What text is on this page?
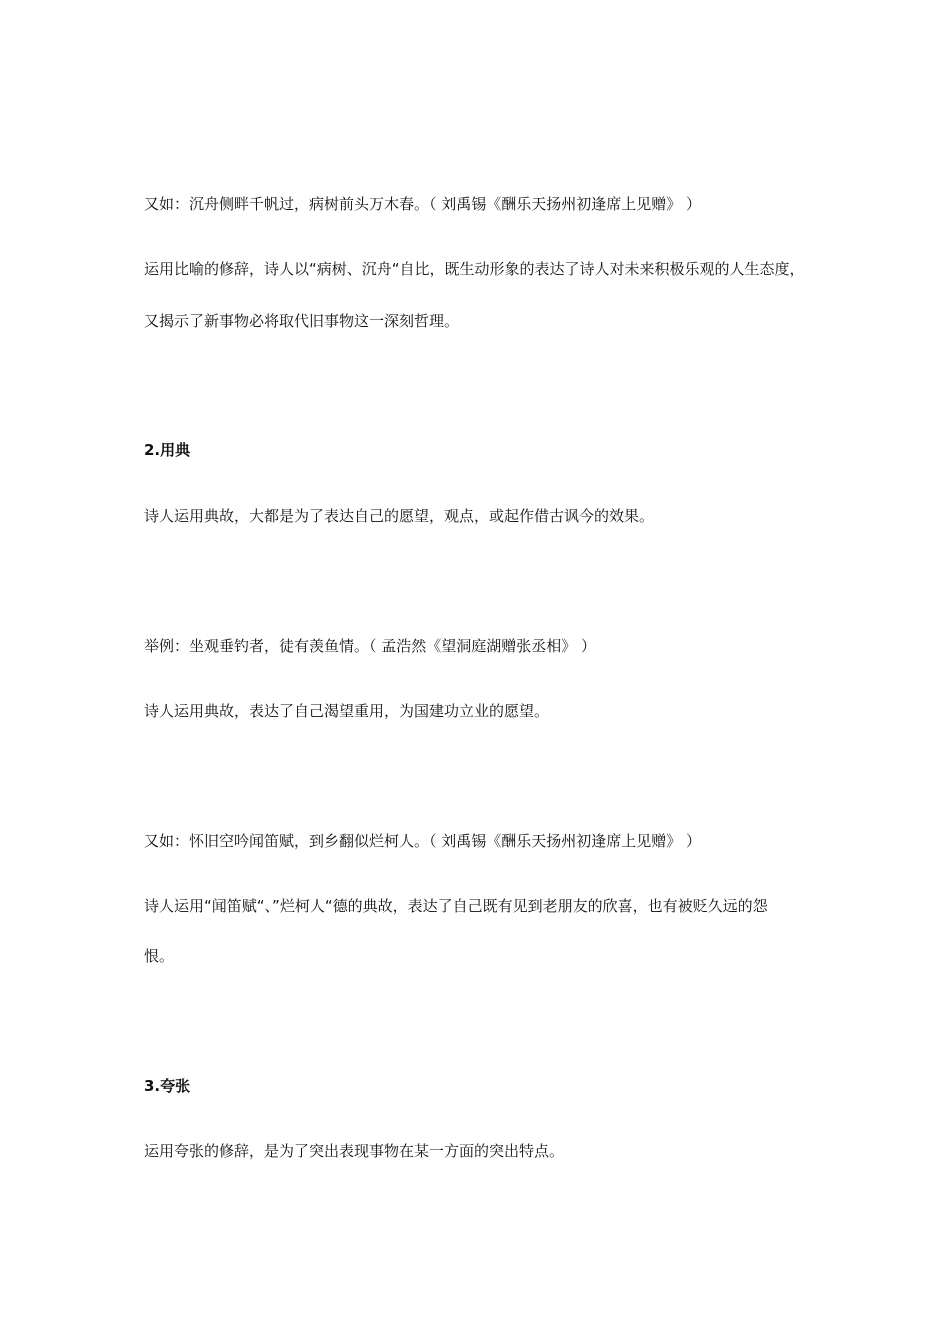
又如：沉舟侧畔千帆过，病树前头万木春。（ 刘禹锡《酬乐天扬州初逢席上见赠》 ）
运用比喻的修辞，诗人以“病树、沉舟“自比，既生动形象的表达了诗人对未来积极乐观的人生态度，
又揭示了新事物必将取代旧事物这一深刻哲理。
2.用典
诗人运用典故，大都是为了表达自己的愿望，观点，或起作借古讽今的效果。
举例：坐观垂钓者，徒有羡鱼情。（ 孟浩然《望洞庭湖赠张丞相》 ）
诗人运用典故，表达了自己渴望重用，为国建功立业的愿望。
又如：怀旧空吟闻笛赋，到乡翻似烂柯人。（ 刘禹锡《酬乐天扬州初逢席上见赠》 ）
诗人运用“闻笛赋“、”烂柯人“德的典故，表达了自己既有见到老朋友的欣喜，也有被贬久远的怨
恨。
3.夸张
运用夸张的修辞，是为了突出表现事物在某一方面的突出特点。
